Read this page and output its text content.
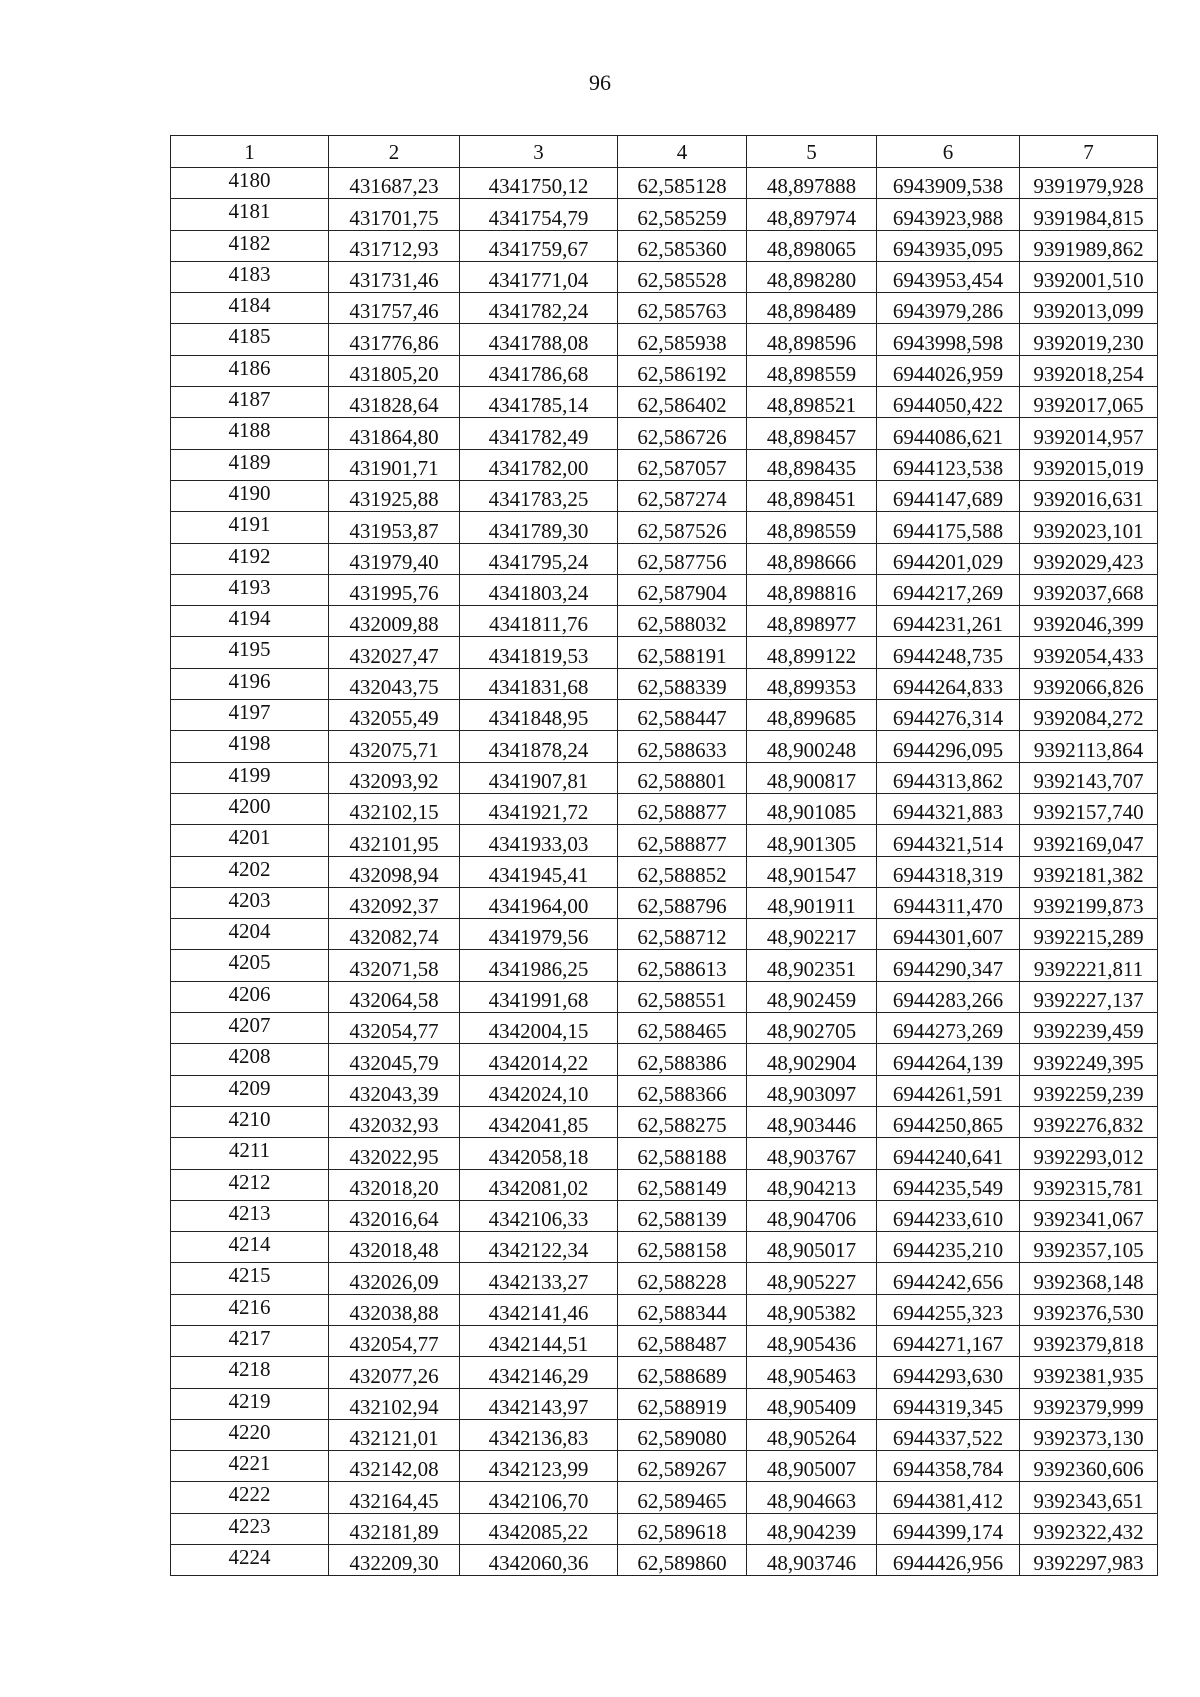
96
1	2	3	4	5	6	7
4180	431687,23	4341750,12	62,585128	48,897888	6943909,538	9391979,928
4181	431701,75	4341754,79	62,585259	48,897974	6943923,988	9391984,815
4182	431712,93	4341759,67	62,585360	48,898065	6943935,095	9391989,862
4183	431731,46	4341771,04	62,585528	48,898280	6943953,454	9392001,510
4184	431757,46	4341782,24	62,585763	48,898489	6943979,286	9392013,099
4185	431776,86	4341788,08	62,585938	48,898596	6943998,598	9392019,230
4186	431805,20	4341786,68	62,586192	48,898559	6944026,959	9392018,254
4187	431828,64	4341785,14	62,586402	48,898521	6944050,422	9392017,065
4188	431864,80	4341782,49	62,586726	48,898457	6944086,621	9392014,957
4189	431901,71	4341782,00	62,587057	48,898435	6944123,538	9392015,019
4190	431925,88	4341783,25	62,587274	48,898451	6944147,689	9392016,631
4191	431953,87	4341789,30	62,587526	48,898559	6944175,588	9392023,101
4192	431979,40	4341795,24	62,587756	48,898666	6944201,029	9392029,423
4193	431995,76	4341803,24	62,587904	48,898816	6944217,269	9392037,668
4194	432009,88	4341811,76	62,588032	48,898977	6944231,261	9392046,399
4195	432027,47	4341819,53	62,588191	48,899122	6944248,735	9392054,433
4196	432043,75	4341831,68	62,588339	48,899353	6944264,833	9392066,826
4197	432055,49	4341848,95	62,588447	48,899685	6944276,314	9392084,272
4198	432075,71	4341878,24	62,588633	48,900248	6944296,095	9392113,864
4199	432093,92	4341907,81	62,588801	48,900817	6944313,862	9392143,707
4200	432102,15	4341921,72	62,588877	48,901085	6944321,883	9392157,740
4201	432101,95	4341933,03	62,588877	48,901305	6944321,514	9392169,047
4202	432098,94	4341945,41	62,588852	48,901547	6944318,319	9392181,382
4203	432092,37	4341964,00	62,588796	48,901911	6944311,470	9392199,873
4204	432082,74	4341979,56	62,588712	48,902217	6944301,607	9392215,289
4205	432071,58	4341986,25	62,588613	48,902351	6944290,347	9392221,811
4206	432064,58	4341991,68	62,588551	48,902459	6944283,266	9392227,137
4207	432054,77	4342004,15	62,588465	48,902705	6944273,269	9392239,459
4208	432045,79	4342014,22	62,588386	48,902904	6944264,139	9392249,395
4209	432043,39	4342024,10	62,588366	48,903097	6944261,591	9392259,239
4210	432032,93	4342041,85	62,588275	48,903446	6944250,865	9392276,832
4211	432022,95	4342058,18	62,588188	48,903767	6944240,641	9392293,012
4212	432018,20	4342081,02	62,588149	48,904213	6944235,549	9392315,781
4213	432016,64	4342106,33	62,588139	48,904706	6944233,610	9392341,067
4214	432018,48	4342122,34	62,588158	48,905017	6944235,210	9392357,105
4215	432026,09	4342133,27	62,588228	48,905227	6944242,656	9392368,148
4216	432038,88	4342141,46	62,588344	48,905382	6944255,323	9392376,530
4217	432054,77	4342144,51	62,588487	48,905436	6944271,167	9392379,818
4218	432077,26	4342146,29	62,588689	48,905463	6944293,630	9392381,935
4219	432102,94	4342143,97	62,588919	48,905409	6944319,345	9392379,999
4220	432121,01	4342136,83	62,589080	48,905264	6944337,522	9392373,130
4221	432142,08	4342123,99	62,589267	48,905007	6944358,784	9392360,606
4222	432164,45	4342106,70	62,589465	48,904663	6944381,412	9392343,651
4223	432181,89	4342085,22	62,589618	48,904239	6944399,174	9392322,432
4224	432209,30	4342060,36	62,589860	48,903746	6944426,956	9392297,983
